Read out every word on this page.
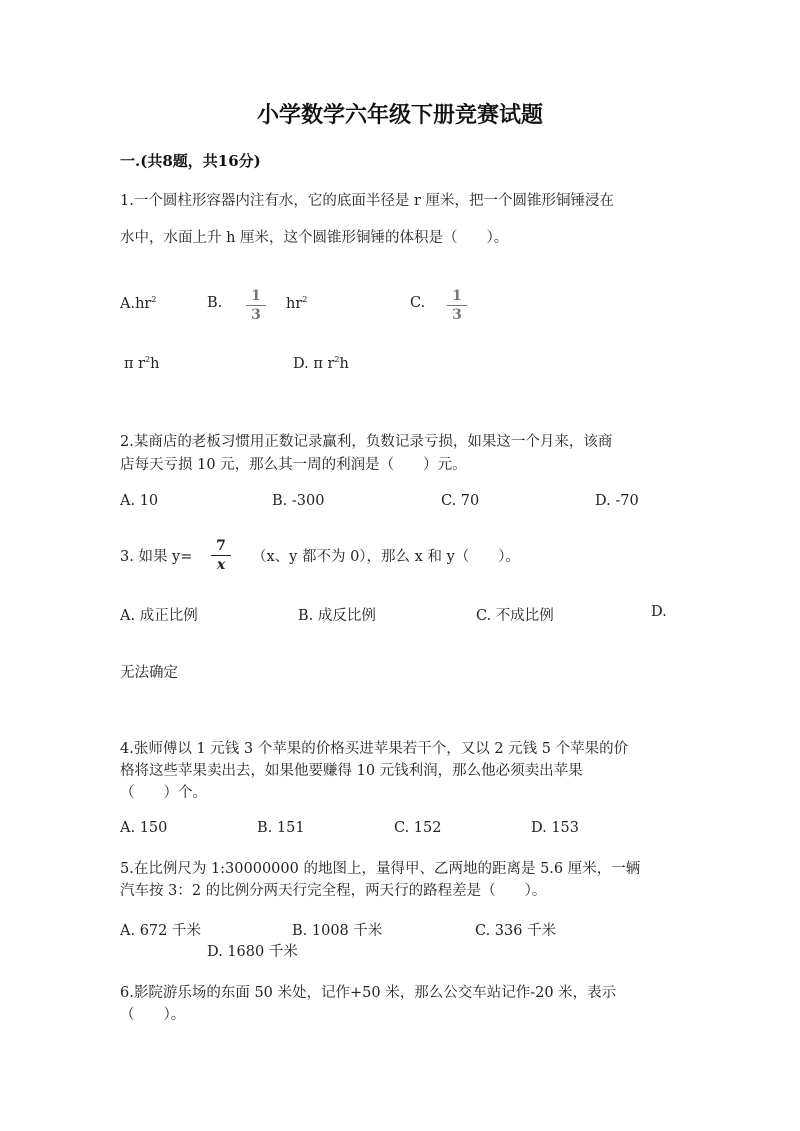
小学数学六年级下册竞赛试题
一.(共8题，共16分)
1.一个圆柱形容器内注有水，它的底面半径是 r 厘米，把一个圆锥形铜锤浸在
水中，水面上升 h 厘米，这个圆锥形铜锤的体积是（　　）。
$A.hr^2$	B.	1
3
$hr^2$	C.	1
3
π $r^2h$	D. π $r^2h$
2.某商店的老板习惯用正数记录赢利，负数记录亏损，如果这一个月来，该商
店每天亏损 10 元，那么其一周的利润是（　　）元。
A. 10	B. -300	C. 70	D. -70
3. 如果 y=
7
x	（x、y 都不为 0），那么 x 和 y（　　）。
A. 成正比例	B. 成反比例	C. 不成比例	D.
无法确定
4.张师傅以 1 元钱 3 个苹果的价格买进苹果若干个，又以 2 元钱 5 个苹果的价
格将这些苹果卖出去，如果他要赚得 10 元钱利润，那么他必须卖出苹果
（　　）个。
A. 150	B. 151	C. 152	D. 153
5.在比例尺为 1:30000000 的地图上，量得甲、乙两地的距离是 5.6 厘米，一辆
汽车按 3：2 的比例分两天行完全程，两天行的路程差是（　　）。
A. 672 千米	B. 1008 千米	C. 336 千米
D. 1680 千米
6.影院游乐场的东面 50 米处，记作+50 米，那么公交车站记作-20 米，表示
（　　）。
